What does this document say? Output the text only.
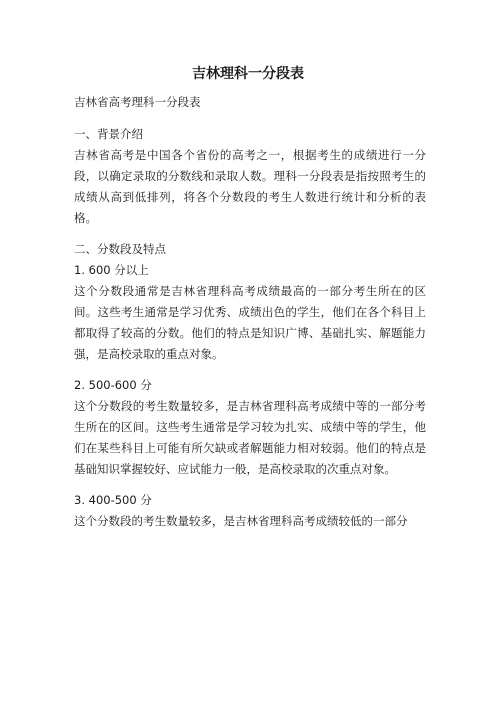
吉林理科一分段表

吉林省高考理科一分段表

一、背景介绍

吉林省高考是中国各个省份的高考之一，根据考生的成绩进行一分段，以确定录取的分数线和录取人数。理科一分段表是指按照考生的成绩从高到低排列，将各个分数段的考生人数进行统计和分析的表格。

二、分数段及特点

1. 600 分以上

这个分数段通常是吉林省理科高考成绩最高的一部分考生所在的区间。这些考生通常是学习优秀、成绩出色的学生，他们在各个科目上都取得了较高的分数。他们的特点是知识广博、基础扎实、解题能力强，是高校录取的重点对象。

2. 500-600 分

这个分数段的考生数量较多，是吉林省理科高考成绩中等的一部分考生所在的区间。这些考生通常是学习较为扎实、成绩中等的学生，他们在某些科目上可能有所欠缺或者解题能力相对较弱。他们的特点是基础知识掌握较好、应试能力一般，是高校录取的次重点对象。

3. 400-500 分

这个分数段的考生数量较多，是吉林省理科高考成绩较低的一部分
